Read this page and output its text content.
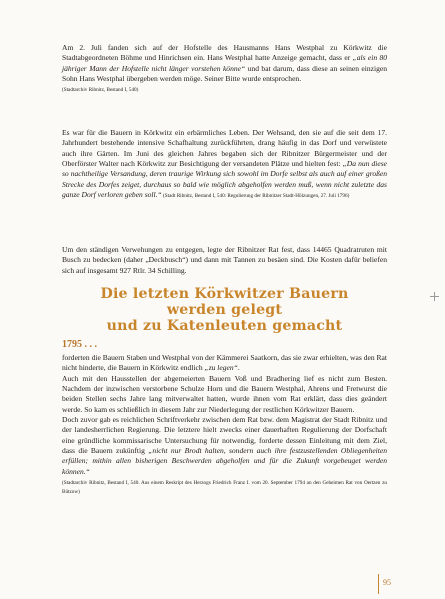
Am 2. Juli fanden sich auf der Hofstelle des Hausmanns Hans Westphal zu Körkwitz die Stadtabgeordneten Böhme und Hinrichsen ein. Hans Westphal hatte Anzeige gemacht, dass er „als ein 80 jähriger Mann der Hofstelle nicht länger vorstehen könne“ und bat darum, dass diese an seinen einzigen Sohn Hans Westphal übergeben werden möge. Seiner Bitte wurde entsprochen.

(Stadtarchiv Ribnitz, Bestand I, 540)

Es war für die Bauern in Körkwitz ein erbärmliches Leben. Der Wehsand, den sie auf die seit dem 17. Jahrhundert bestehende intensive Schafhaltung zurückführten, drang häufig in das Dorf und verwüstete auch ihre Gärten. Im Juni des gleichen Jahres begaben sich der Ribnitzer Bürgermeister und der Oberförster Walter nach Körkwitz zur Besichtigung der versandeten Plätze und hielten fest: „Da nun diese so nachtheilige Versandung, deren traurige Wirkung sich sowohl im Dorfe selbst als auch auf einer großen Strecke des Dorfes zeiget, durchaus so bald wie möglich abgeholfen werden muß, wenn nicht zuletzte das ganze Dorf verloren geben soll.“ (Stadt Ribnitz, Bestand I, 540: Regulierung der Ribnitzer Stadt-Hölzungen, 27. Juli 1796)

Um den ständigen Verwehungen zu entgegen, legte der Ribnitzer Rat fest, dass 14465 Quadratruten mit Busch zu bedecken (daher „Deckbusch“) und dann mit Tannen zu besäen sind. Die Kosten dafür beliefen sich auf insgesamt 927 Rtlr. 34 Schilling.

Die letzten Körkwitzer Bauern
werden gelegt
und zu Katenleuten gemacht
1795 . . .

forderten die Bauern Staben und Westphal von der Kämmerei Saatkorn, das sie zwar erhielten, was den Rat nicht hinderte, die Bauern in Körkwitz endlich „zu legen“.

Auch mit den Hausstellen der abgemeierten Bauern Voß und Bradhering lief es nicht zum Besten. Nachdem der inzwischen verstorbene Schulze Horn und die Bauern Westphal, Ahrens und Fretwurst die beiden Stellen sechs Jahre lang mitverwaltet hatten, wurde ihnen vom Rat erklärt, dass dies geändert werde. So kam es schließlich in diesem Jahr zur Niederlegung der restlichen Körkwitzer Bauern.

Doch zuvor gab es reichlichen Schriftverkehr zwischen dem Rat bzw. dem Magistrat der Stadt Ribnitz und der landesherrlichen Regierung. Die letztere hielt zwecks einer dauerhaften Regulierung der Dorfschaft eine gründliche kommissarische Untersuchung für notwendig, forderte dessen Einleitung mit dem Ziel, dass die Bauern zukünftig „nicht nur Brodt halten, sondern auch ihre festzustellenden Obliegenheiten erfüllen; mithin allen bisherigen Beschwerden abgeholfen und für die Zukunft vorgebeuget werden können.“

(Stadtarchiv Ribnitz, Bestand I, 540. Aus einem Reskript des Herzogs Friedrich Franz I. vom 20. September 1794 an den Geheimen Rat von Oertzen zu Bützow)
95
